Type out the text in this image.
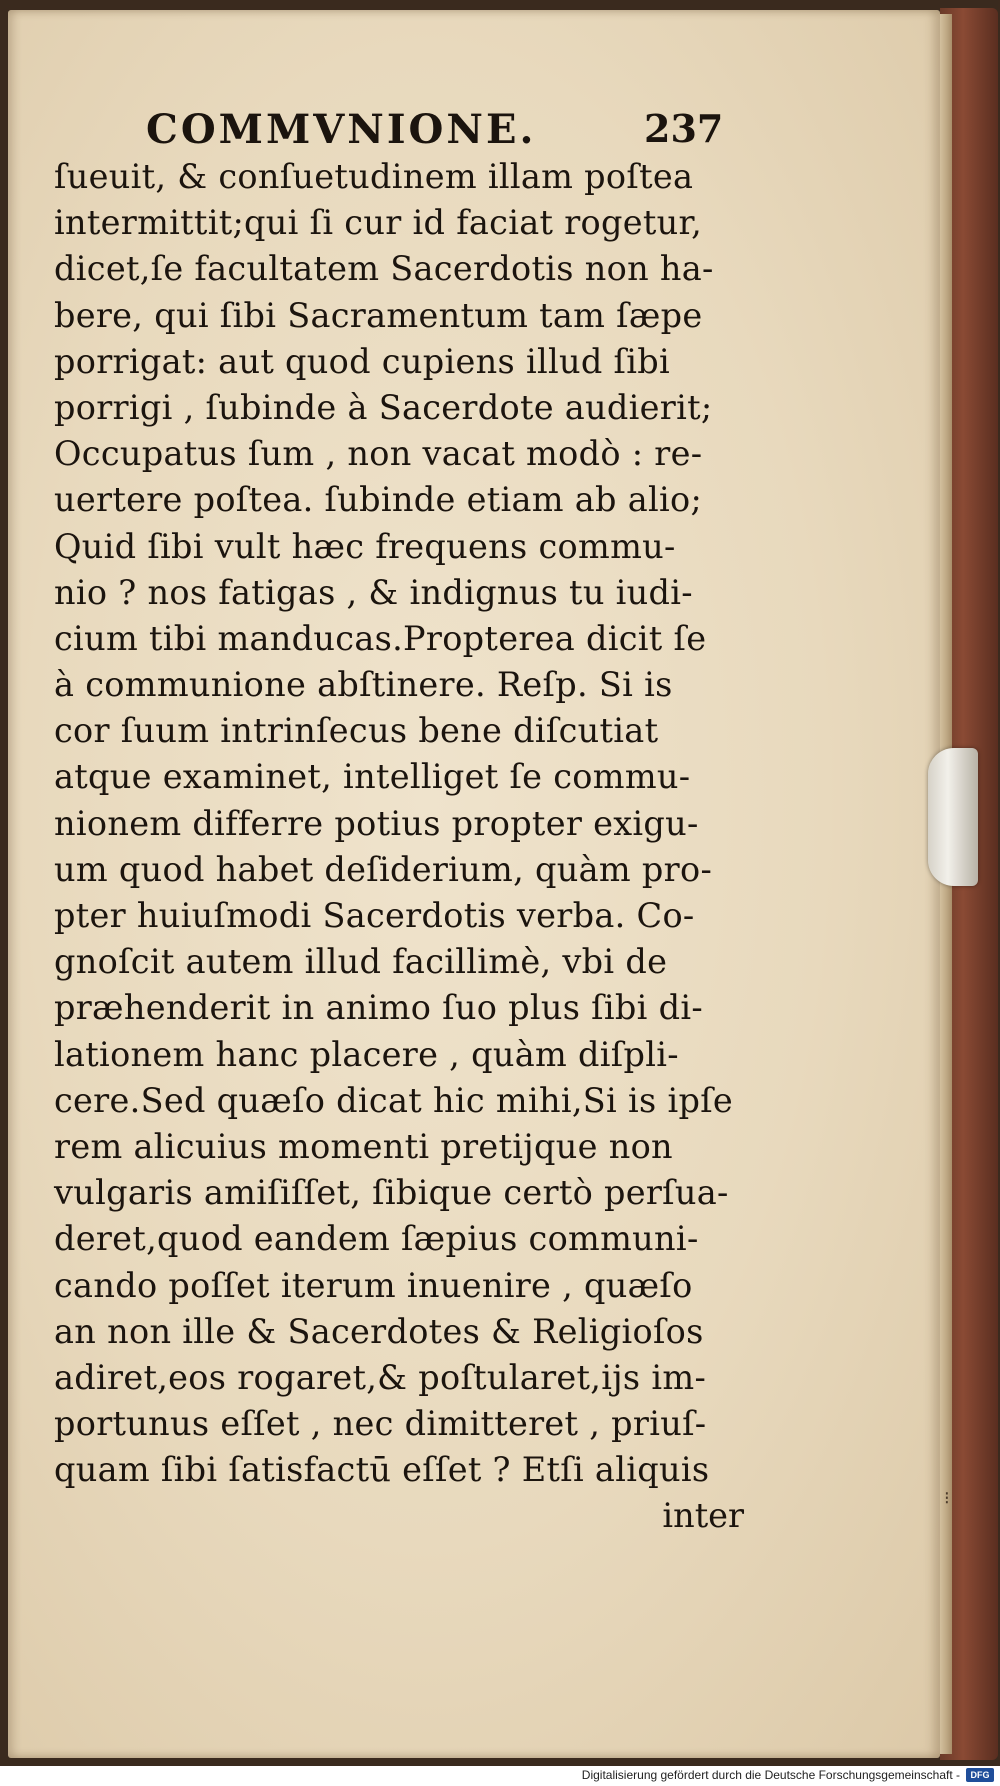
COMMVNIONE.	237
ſueuit, & conſuetudinem illam poſtea
intermittit;qui ſi cur id faciat rogetur,
dicet,ſe facultatem Sacerdotis non ha-
bere, qui ſibi Sacramentum tam ſæpe
porrigat: aut quod cupiens illud ſibi
porrigi , ſubinde à Sacerdote audierit;
Occupatus ſum , non vacat modò : re-
uertere poſtea. ſubinde etiam ab alio;
Quid ſibi vult hæc frequens commu-
nio ? nos fatigas , & indignus tu iudi-
cium tibi manducas.Propterea dicit ſe
à communione abſtinere. Reſp. Si is
cor ſuum intrinſecus bene diſcutiat
atque examinet, intelliget ſe commu-
nionem differre potius propter exigu-
um quod habet deſiderium, quàm pro-
pter huiuſmodi Sacerdotis verba. Co-
gnoſcit autem illud facillimè, vbi de
præhenderit in animo ſuo plus ſibi di-
lationem hanc placere , quàm diſpli-
cere.Sed quæſo dicat hic mihi,Si is ipſe
rem alicuius momenti pretijque non
vulgaris amiſiſſet, ſibique certò perſua-
deret,quod eandem ſæpius communi-
cando poſſet iterum inuenire , quæſo
an non ille & Sacerdotes & Religioſos
adiret,eos rogaret,& poſtularet,ijs im-
portunus eſſet , nec dimitteret , priuſ-
quam ſibi ſatisfactū eſſet ? Etſi aliquis
inter	⁝
Digitalisierung gefördert durch die Deutsche Forschungsgemeinschaft -	DFG
